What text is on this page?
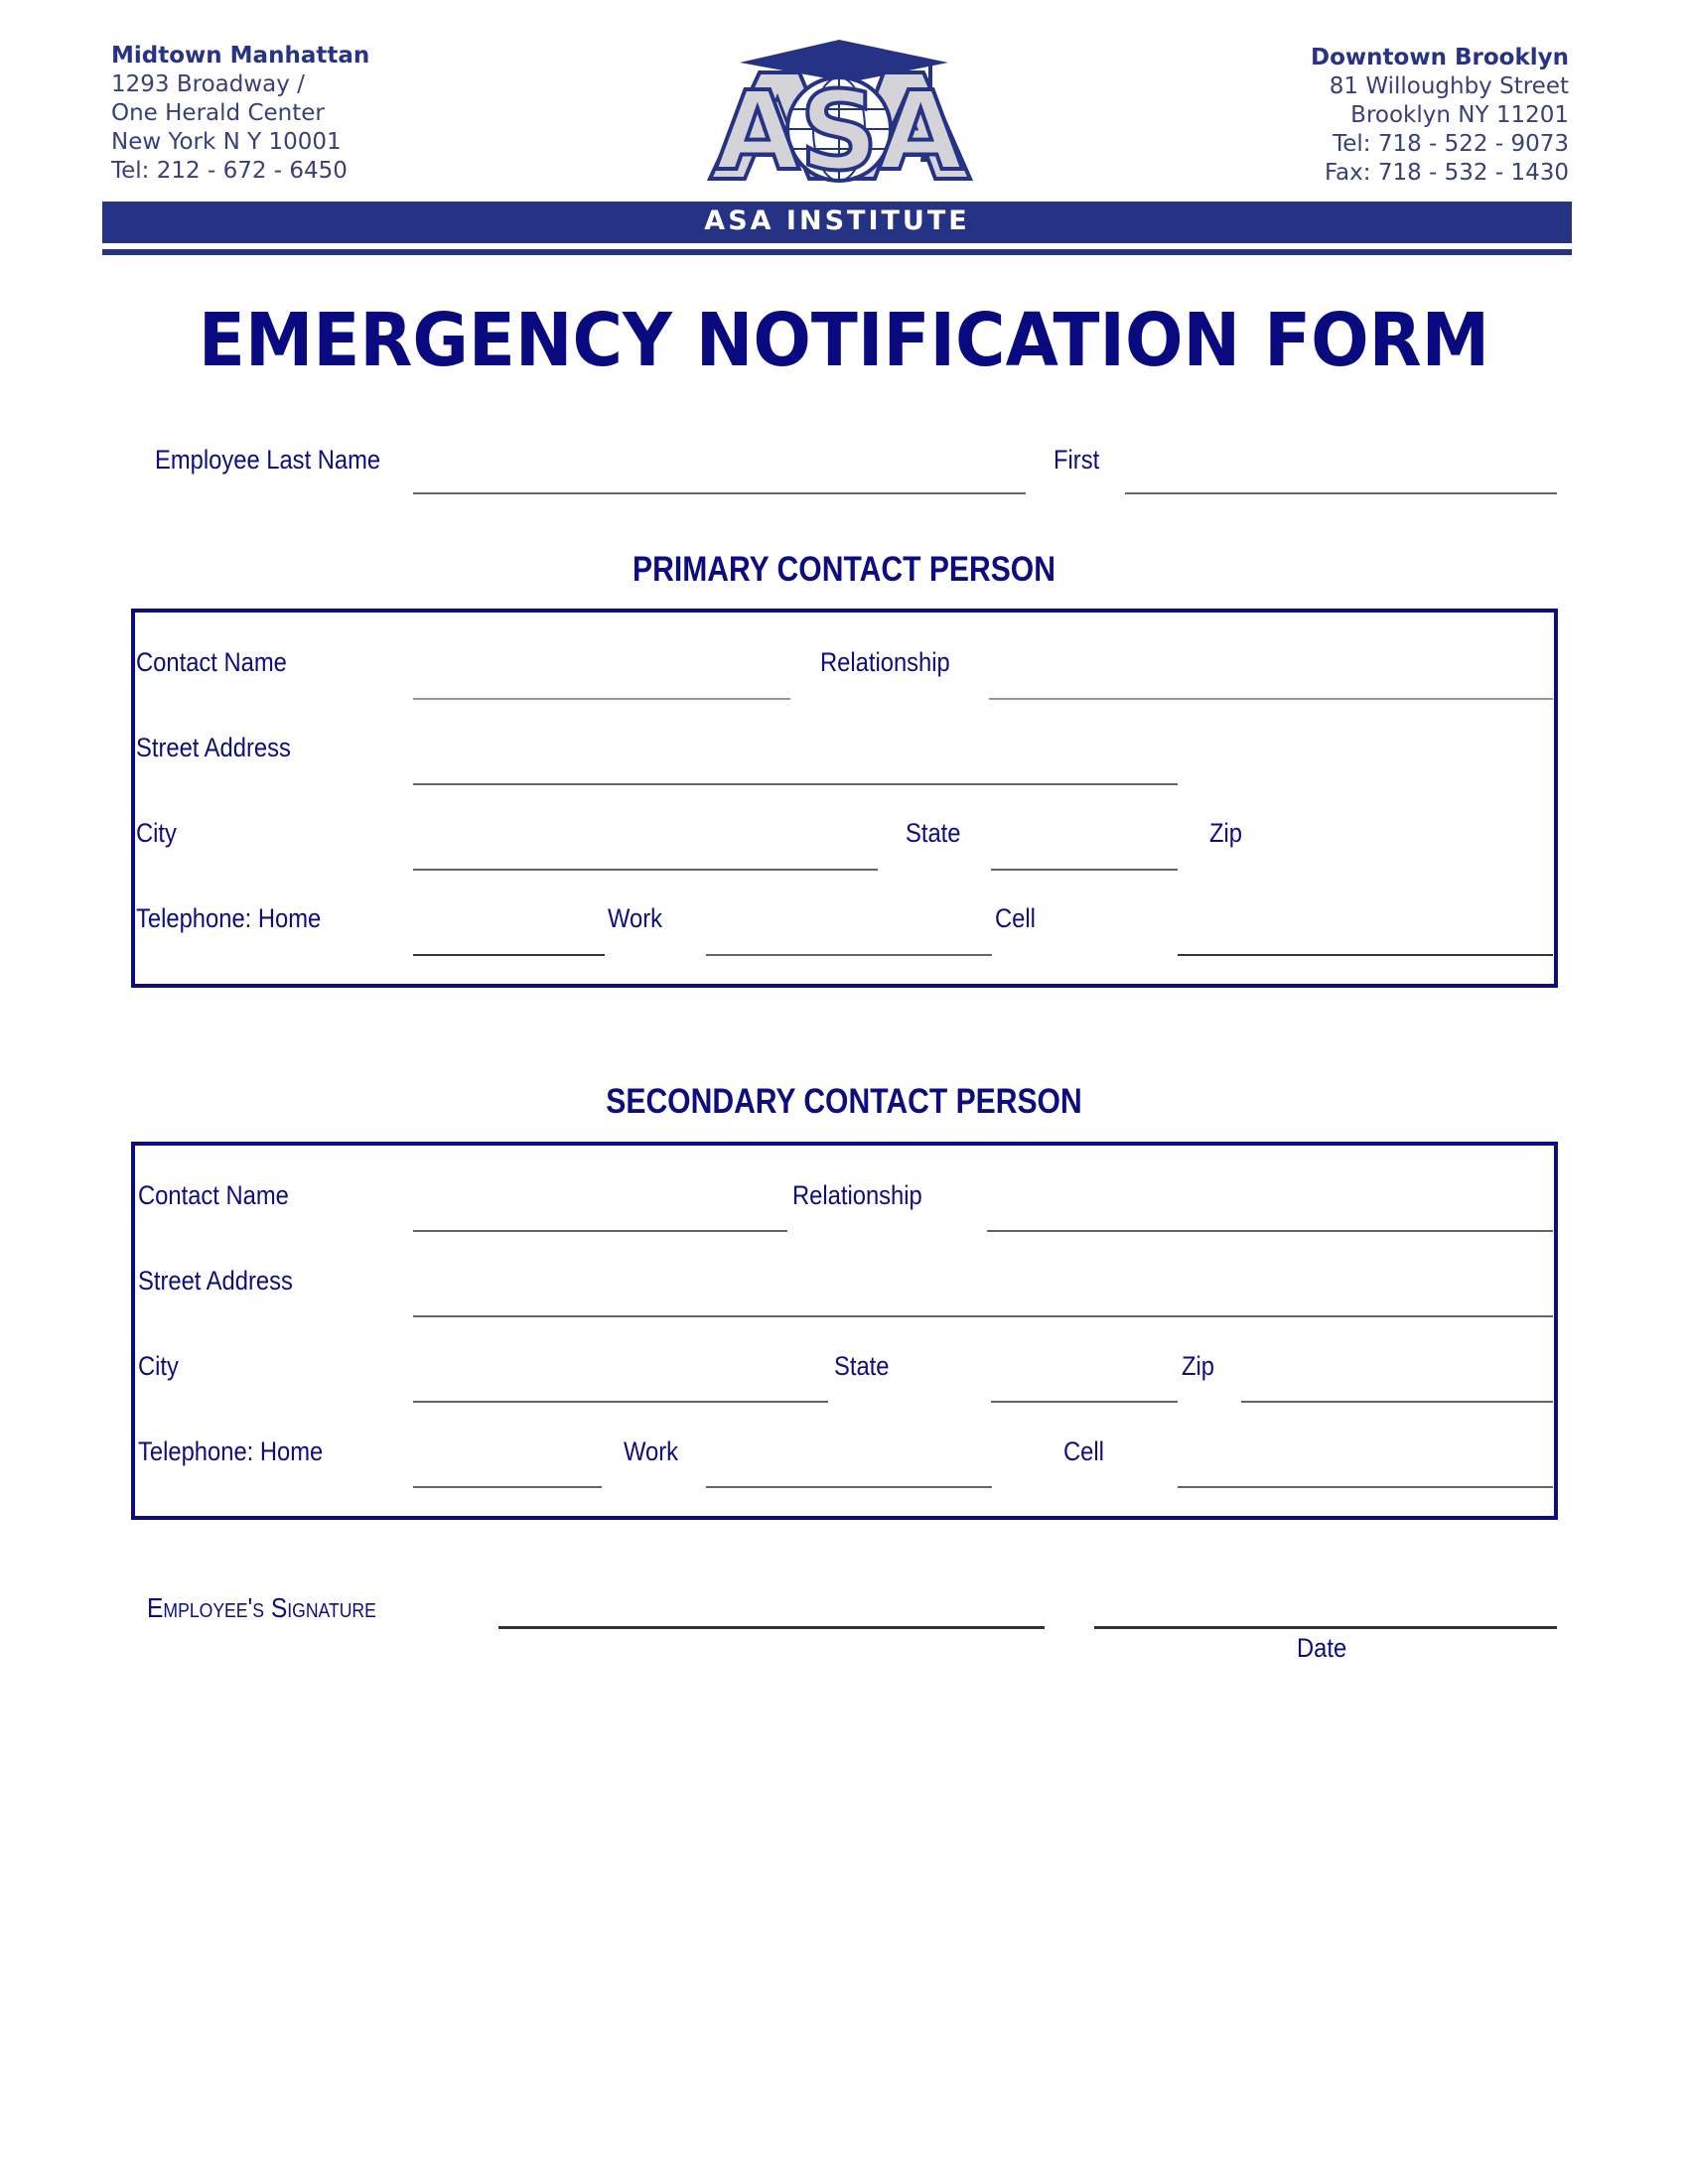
Midtown Manhattan
1293 Broadway /
One Herald Center
New York N Y 10001
Tel: 212 - 672 - 6450	ASA
Downtown Brooklyn
81 Willoughby Street
Brooklyn NY 11201
Tel: 718 - 522 - 9073
Fax: 718 - 532 - 1430
ASA INSTITUTE
EMERGENCY NOTIFICATION FORM
Employee Last Name	First
PRIMARY CONTACT PERSON
Contact Name	Relationship
Street Address
City	State	Zip
Telephone: Home	Work	Cell
SECONDARY CONTACT PERSON
Contact Name	Relationship
Street Address
City	State	Zip
Telephone: Home	Work	Cell
Employee's Signature
Date
